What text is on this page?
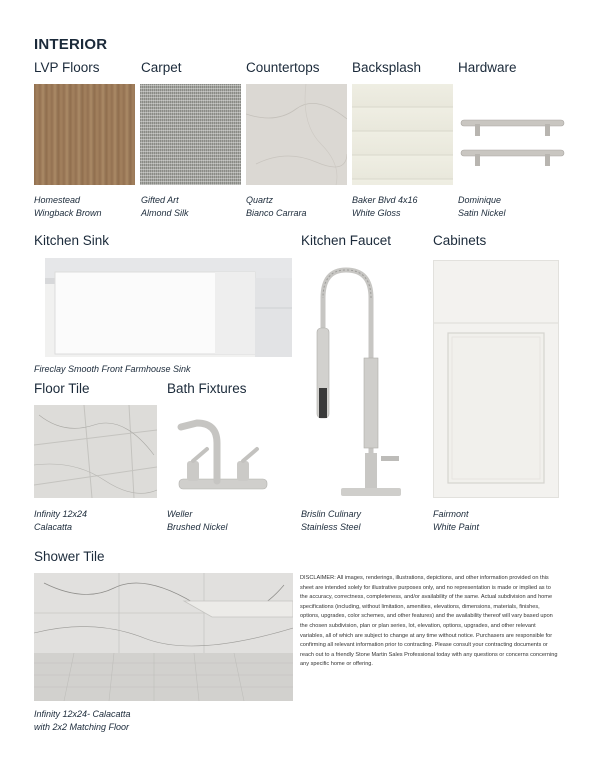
INTERIOR
LVP Floors	Carpet	Countertops Backsplash	Hardware
Homestead
Wingback Brown
Gifted Art
Almond Silk
Quartz
Bianco Carrara
Baker Blvd 4x16
White Gloss
Dominique
Satin Nickel
Kitchen Sink	Kitchen Faucet	Cabinets
Fireclay Smooth Front Farmhouse Sink
Brislin Culinary
Stainless Steel
Fairmont
White Paint
Floor Tile
Infinity 12x24
Calacatta
Bath Fixtures
Weller
Brushed Nickel
Shower Tile
Infinity 12x24- Calacatta
with 2x2 Matching Floor
DISCLAIMER: All images, renderings, illustrations, depictions, and other information provided on this sheet are intended solely for illustrative purposes only, and no representation is made or implied as to the accuracy, correctness, completeness, and/or availability of the same. Actual subdivision and home specifications (including, without limitation, amenities, elevations, dimensions, materials, finishes, options, upgrades, color schemes, and other features) and the availability thereof will vary based upon the chosen subdivision, plan or plan series, lot, elevation, options, upgrades, and other relevant variables, all of which are subject to change at any time without notice. Purchasers are responsible for confirming all relevant information prior to contracting. Please consult your contracting documents or reach out to a friendly Stone Martin Sales Professional today with any questions or concerns concerning any specific home or offering.
